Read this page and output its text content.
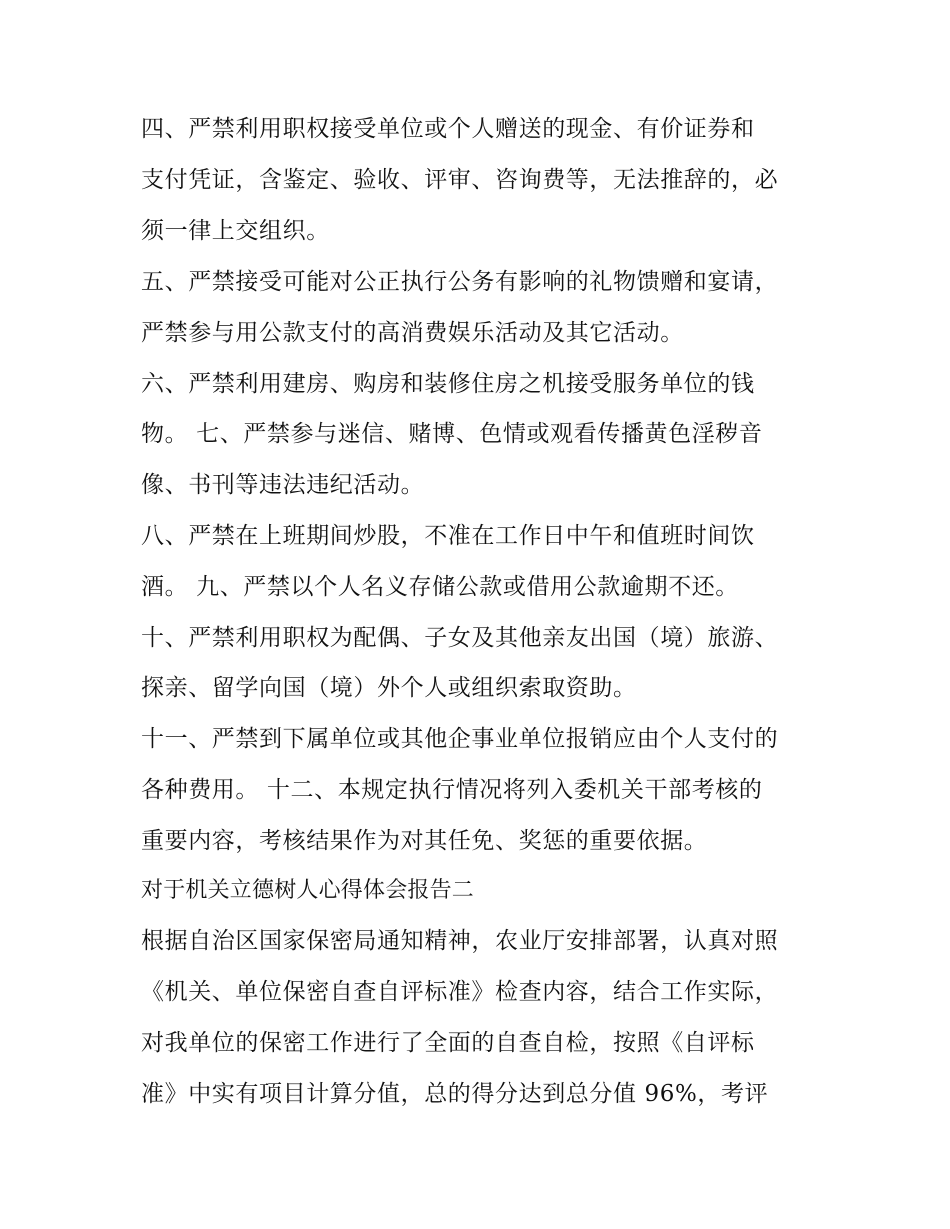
四、严禁利用职权接受单位或个人赠送的现金、有价证券和
支付凭证，含鉴定、验收、评审、咨询费等，无法推辞的，必
须一律上交组织。
五、严禁接受可能对公正执行公务有影响的礼物馈赠和宴请，
严禁参与用公款支付的高消费娱乐活动及其它活动。
六、严禁利用建房、购房和装修住房之机接受服务单位的钱
物。 七、严禁参与迷信、赌博、色情或观看传播黄色淫秽音
像、书刊等违法违纪活动。
八、严禁在上班期间炒股，不准在工作日中午和值班时间饮
酒。 九、严禁以个人名义存储公款或借用公款逾期不还。
十、严禁利用职权为配偶、子女及其他亲友出国（境）旅游、
探亲、留学向国（境）外个人或组织索取资助。
十一、严禁到下属单位或其他企事业单位报销应由个人支付的
各种费用。 十二、本规定执行情况将列入委机关干部考核的
重要内容，考核结果作为对其任免、奖惩的重要依据。
对于机关立德树人心得体会报告二
根据自治区国家保密局通知精神，农业厅安排部署，认真对照
《机关、单位保密自查自评标准》检查内容，结合工作实际，
对我单位的保密工作进行了全面的自查自检，按照《自评标
准》中实有项目计算分值，总的得分达到总分值 96%，考评
